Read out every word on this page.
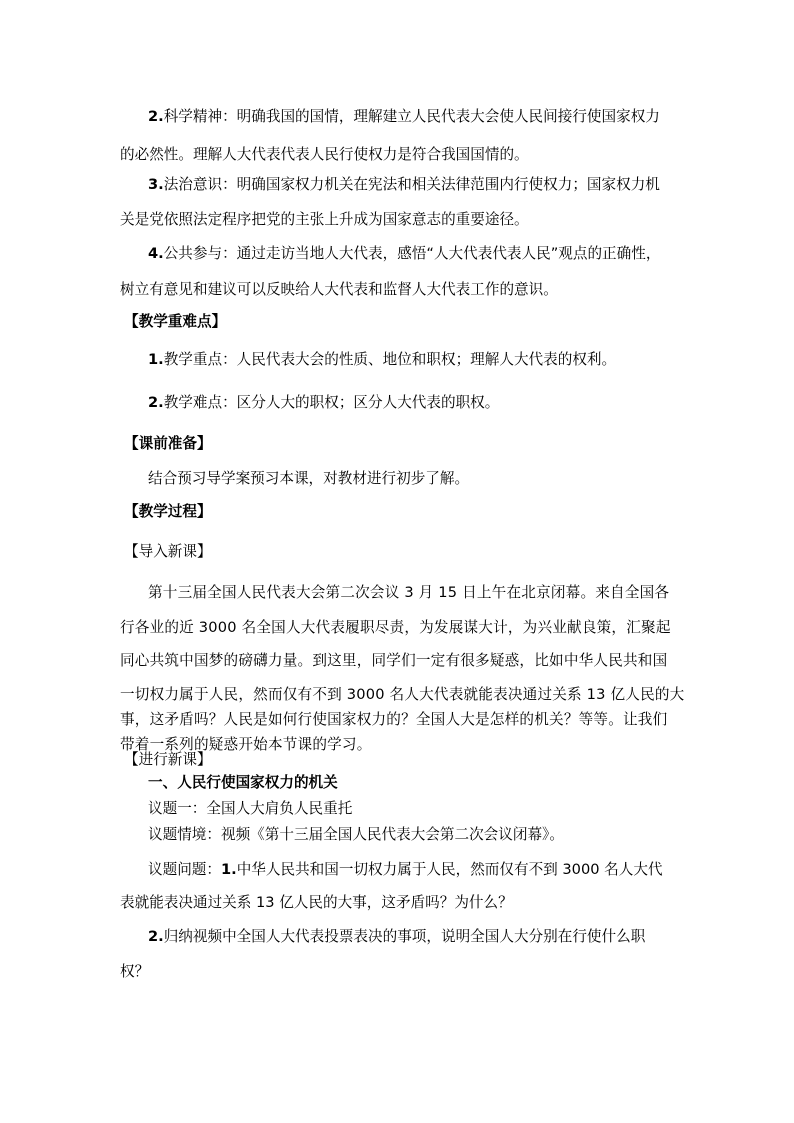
2.科学精神：明确我国的国情，理解建立人民代表大会使人民间接行使国家权力
的必然性。理解人大代表代表人民行使权力是符合我国国情的。
3.法治意识：明确国家权力机关在宪法和相关法律范围内行使权力；国家权力机
关是党依照法定程序把党的主张上升成为国家意志的重要途径。
4.公共参与：通过走访当地人大代表，感悟“人大代表代表人民”观点的正确性，
树立有意见和建议可以反映给人大代表和监督人大代表工作的意识。
【教学重难点】
1.教学重点：人民代表大会的性质、地位和职权；理解人大代表的权利。
2.教学难点：区分人大的职权；区分人大代表的职权。
【课前准备】
结合预习导学案预习本课，对教材进行初步了解。
【教学过程】
【导入新课】
第十三届全国人民代表大会第二次会议 3 月 15 日上午在北京闭幕。来自全国各
行各业的近 3000 名全国人大代表履职尽责，为发展谋大计，为兴业献良策，汇聚起
同心共筑中国梦的磅礴力量。到这里，同学们一定有很多疑惑，比如中华人民共和国
一切权力属于人民，然而仅有不到 3000 名人大代表就能表决通过关系 13 亿人民的大
事，这矛盾吗？人民是如何行使国家权力的？全国人大是怎样的机关？等等。让我们
带着一系列的疑惑开始本节课的学习。
【进行新课】
一、人民行使国家权力的机关
议题一：全国人大肩负人民重托
议题情境：视频《第十三届全国人民代表大会第二次会议闭幕》。
议题问题：1.中华人民共和国一切权力属于人民，然而仅有不到 3000 名人大代
表就能表决通过关系 13 亿人民的大事，这矛盾吗？为什么？
2.归纳视频中全国人大代表投票表决的事项，说明全国人大分别在行使什么职
权？
